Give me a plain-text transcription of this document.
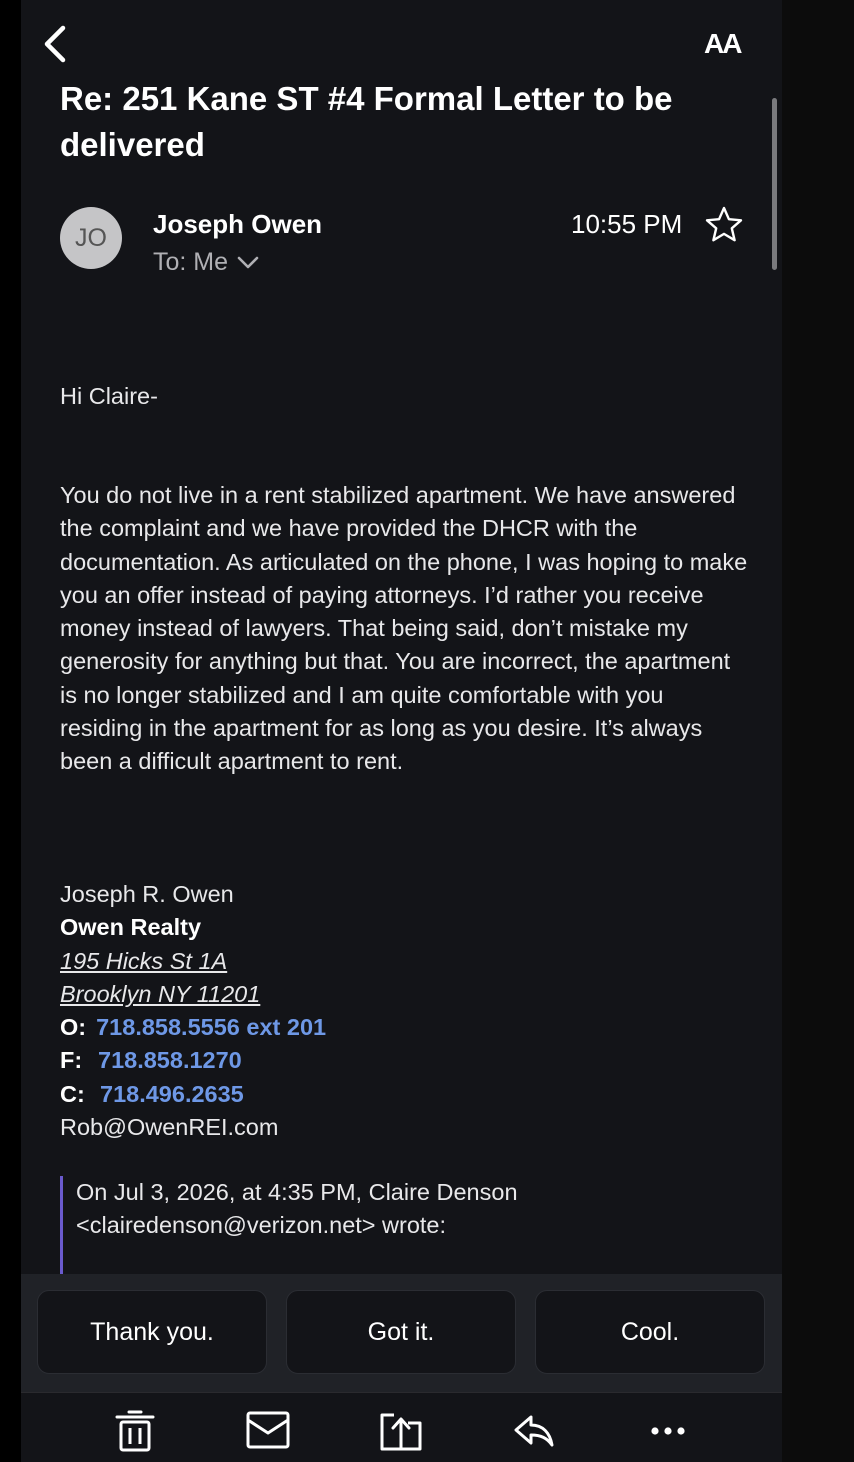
AA
Re: 251 Kane ST #4 Formal Letter to be delivered
JO	Joseph Owen
To: Me
10:55 PM
Hi Claire-
You do not live in a rent stabilized apartment. We have answered the complaint and we have provided the DHCR with the documentation. As articulated on the phone, I was hoping to make you an offer instead of paying attorneys. I’d rather you receive money instead of lawyers. That being said, don’t mistake my generosity for anything but that. You are incorrect, the apartment is no longer stabilized and I am quite comfortable with you residing in the apartment for as long as you desire. It’s always been a difficult apartment to rent.
Joseph R. Owen
Owen Realty
195 Hicks St 1A
Brooklyn NY 11201
O: 718.858.5556 ext 201
F: 718.858.1270
C: 718.496.2635
Rob@OwenREI.com
On Jul 3, 2026, at 4:35 PM, Claire Denson
<clairedenson@verizon.net> wrote:
Thank you.	Got it.	Cool.
